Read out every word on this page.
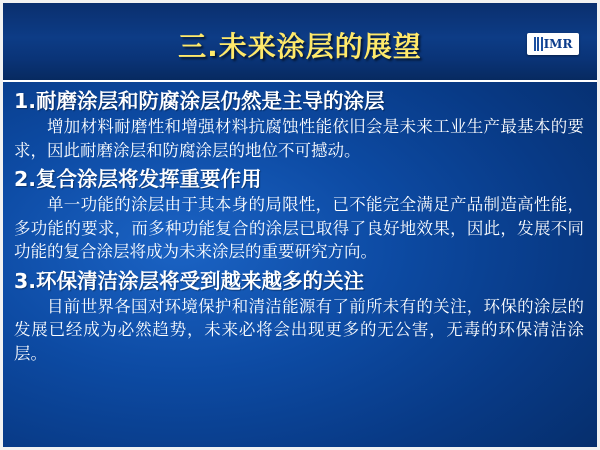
三.未来涂层的展望	IMR
1.耐磨涂层和防腐涂层仍然是主导的涂层
增加材料耐磨性和增强材料抗腐蚀性能依旧会是未来工业生产最基本的要求，因此耐磨涂层和防腐涂层的地位不可撼动。
2.复合涂层将发挥重要作用
单一功能的涂层由于其本身的局限性，已不能完全满足产品制造高性能，多功能的要求，而多种功能复合的涂层已取得了良好地效果，因此，发展不同功能的复合涂层将成为未来涂层的重要研究方向。
3.环保清洁涂层将受到越来越多的关注
目前世界各国对环境保护和清洁能源有了前所未有的关注，环保的涂层的发展已经成为必然趋势，未来必将会出现更多的无公害，无毒的环保清洁涂层。
